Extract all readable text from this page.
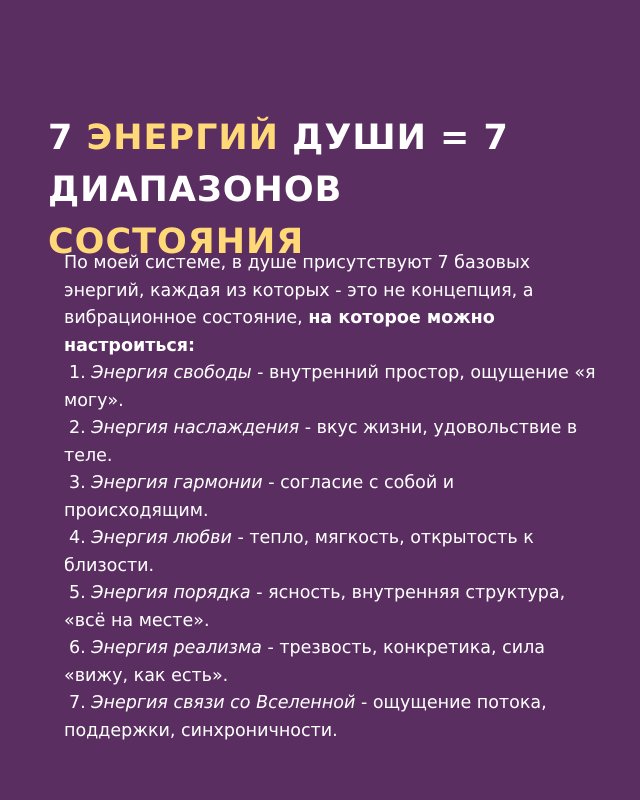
7 ЭНЕРГИЙ ДУШИ = 7
ДИАПАЗОНОВ СОСТОЯНИЯ
По моей системе, в душе присутствуют 7 базовых энергий, каждая из которых - это не концепция, а вибрационное состояние, на которое можно настроиться:
1. Энергия свободы - внутренний простор, ощущение «я могу».
2. Энергия наслаждения - вкус жизни, удовольствие в теле.
3. Энергия гармонии - согласие с собой и происходящим.
4. Энергия любви - тепло, мягкость, открытость к близости.
5. Энергия порядка - ясность, внутренняя структура, «всё на месте».
6. Энергия реализма - трезвость, конкретика, сила «вижу, как есть».
7. Энергия связи со Вселенной - ощущение потока, поддержки, синхроничности.
